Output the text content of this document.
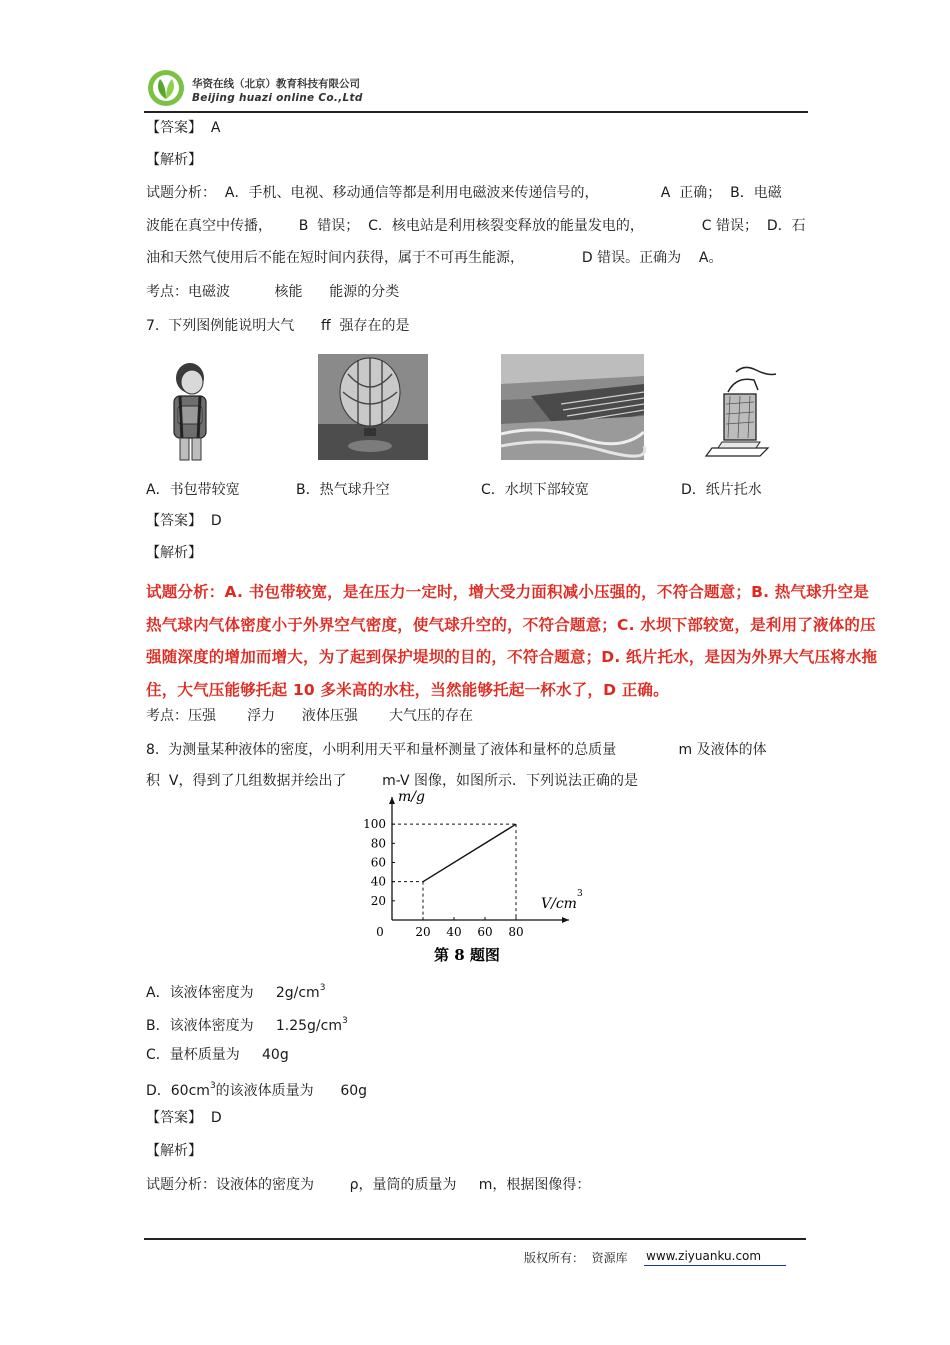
华资在线（北京）教育科技有限公司
Beijing huazi online Co.,Ltd
【答案】 A
【解析】
试题分析：  A．手机、电视、移动通信等都是利用电磁波来传递信号的，              A  正确；  B．电磁
波能在真空中传播，      B  错误；  C．核电站是利用核裂变释放的能量发电的，             C 错误；  D．石
油和天然气使用后不能在短时间内获得，属于不可再生能源，             D 错误。正确为    A。
考点：电磁波          核能      能源的分类
7.  下列图例能说明大气      ff  强存在的是
A．书包带较宽	B．热气球升空	C．水坝下部较宽	D．纸片托水
【答案】 D
【解析】
试题分析：A. 书包带较宽，是在压力一定时，增大受力面积减小压强的，不符合题意；B. 热气球升空是
热气球内气体密度小于外界空气密度，使气球升空的，不符合题意；C. 水坝下部较宽，是利用了液体的压
强随深度的增加而增大，为了起到保护堤坝的目的，不符合题意；D. 纸片托水，是因为外界大气压将水拖
住，大气压能够托起 10 多米高的水柱，当然能够托起一杯水了，D 正确。
考点：压强       浮力      液体压强       大气压的存在
8.  为测量某种液体的密度，小明利用天平和量杯测量了液体和量杯的总质量              m 及液体的体
积  V，得到了几组数据并绘出了        m-V 图像，如图所示．下列说法正确的是
m/g
V/cm
3
0	20 40 60 80
20
40
60
80
100
第 8 题图
A．该液体密度为     $2g/cm^3$
B．该液体密度为     $1.25g/cm^3$
C．量杯质量为     40g
D．$60cm^3$的该液体质量为      60g
【答案】 D
【解析】
试题分析：设液体的密度为        ρ，量筒的质量为     m，根据图像得：
版权所有：  资源库 www.ziyuanku.com
